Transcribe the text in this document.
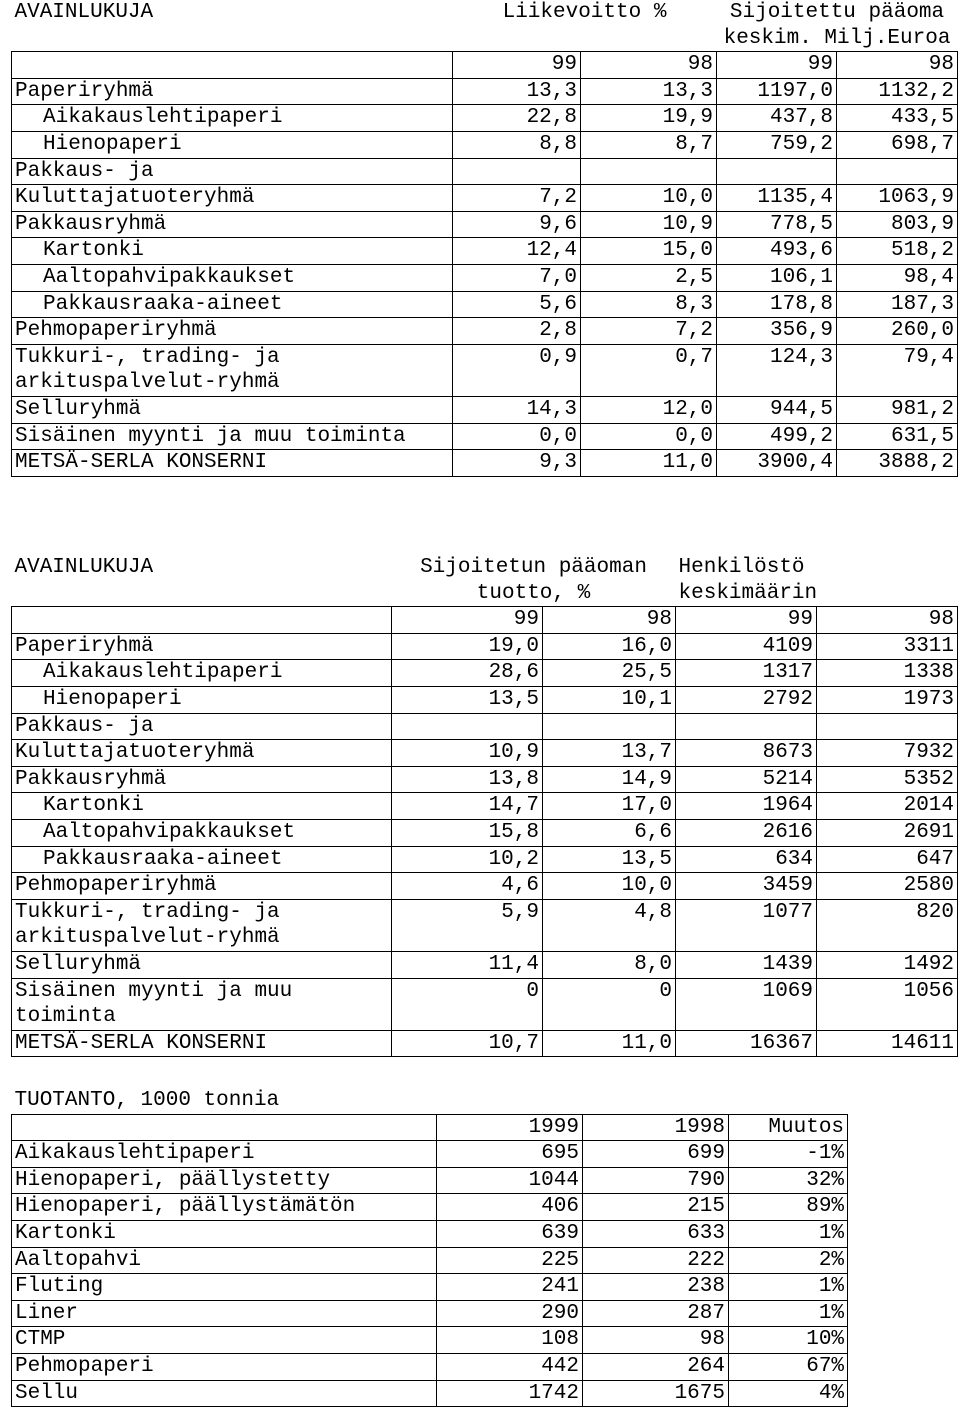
AVAINLUKUJA	Liikevoitto %		Sijoitettu pääoma keskim. Milj.Euroa	
	99	98	99	98
Paperiryhmä	13,3	13,3	1197,0	1132,2
Aikakauslehtipaperi	22,8	19,9	437,8	433,5
Hienopaperi	8,8	8,7	759,2	698,7
Pakkaus- ja				
Kuluttajatuoteryhmä	7,2	10,0	1135,4	1063,9
Pakkausryhmä	9,6	10,9	778,5	803,9
Kartonki	12,4	15,0	493,6	518,2
Aaltopahvipakkaukset	7,0	2,5	106,1	98,4
Pakkausraaka-aineet	5,6	8,3	178,8	187,3
Pehmopaperiryhmä	2,8	7,2	356,9	260,0
Tukkuri-, trading- ja arkituspalvelut-ryhmä	0,9	0,7	124,3	79,4
Selluryhmä	14,3	12,0	944,5	981,2
Sisäinen myynti ja muu toiminta	0,0	0,0	499,2	631,5
METSÄ-SERLA KONSERNI	9,3	11,0	3900,4	3888,2
AVAINLUKUJA	Sijoitetun pääoman tuotto, %		Henkilöstö keskimäärin	
	99	98	99	98
Paperiryhmä	19,0	16,0	4109	3311
Aikakauslehtipaperi	28,6	25,5	1317	1338
Hienopaperi	13,5	10,1	2792	1973
Pakkaus- ja				
Kuluttajatuoteryhmä	10,9	13,7	8673	7932
Pakkausryhmä	13,8	14,9	5214	5352
Kartonki	14,7	17,0	1964	2014
Aaltopahvipakkaukset	15,8	6,6	2616	2691
Pakkausraaka-aineet	10,2	13,5	634	647
Pehmopaperiryhmä	4,6	10,0	3459	2580
Tukkuri-, trading- ja arkituspalvelut-ryhmä	5,9	4,8	1077	820
Selluryhmä	11,4	8,0	1439	1492
Sisäinen myynti ja muu toiminta	0	0	1069	1056
METSÄ-SERLA KONSERNI	10,7	11,0	16367	14611
TUOTANTO, 1000 tonnia			
	1999	1998	Muutos
Aikakauslehtipaperi	695	699	-1%
Hienopaperi, päällystetty	1044	790	32%
Hienopaperi, päällystämätön	406	215	89%
Kartonki	639	633	1%
Aaltopahvi	225	222	2%
Fluting	241	238	1%
Liner	290	287	1%
CTMP	108	98	10%
Pehmopaperi	442	264	67%
Sellu	1742	1675	4%
